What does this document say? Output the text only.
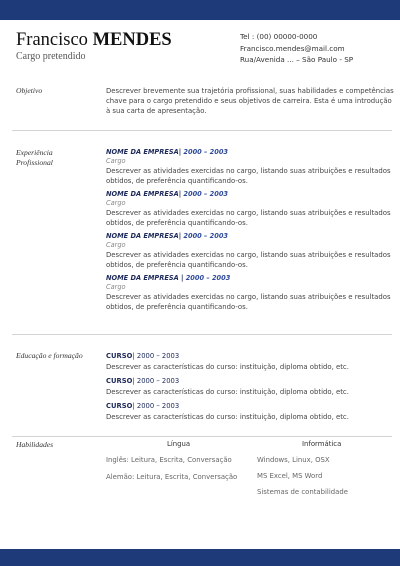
Francisco MENDES
Cargo pretendido
Tel : (00) 00000-0000
Francisco.mendes@mail.com
Rua/Avenida ... – São Paulo - SP
Objetivo	Descrever brevemente sua trajetória profissional, suas habilidades e competências chave para o cargo pretendido e seus objetivos de carreira. Esta é uma introdução à sua carta de apresentação.
Experiência
Profissional
NOME DA EMPRESA| 2000 – 2003
Cargo
Descrever as atividades exercidas no cargo, listando suas atribuições e resultados obtidos, de preferência quantificando-os.
NOME DA EMPRESA| 2000 – 2003
Cargo
Descrever as atividades exercidas no cargo, listando suas atribuições e resultados obtidos, de preferência quantificando-os.
NOME DA EMPRESA| 2000 – 2003
Cargo
Descrever as atividades exercidas no cargo, listando suas atribuições e resultados obtidos, de preferência quantificando-os.
NOME DA EMPRESA | 2000 – 2003
Cargo
Descrever as atividades exercidas no cargo, listando suas atribuições e resultados obtidos, de preferência quantificando-os.
Educação e formação	CURSO| 2000 – 2003
Descrever as características do curso: instituição, diploma obtido, etc.
CURSO| 2000 – 2003
Descrever as características do curso: instituição, diploma obtido, etc.
CURSO| 2000 – 2003
Descrever as características do curso: instituição, diploma obtido, etc.
Habilidades	Língua
Inglês: Leitura, Escrita, Conversação
Alemão: Leitura, Escrita, Conversação
Informática
Windows, Linux, OSX
MS Excel, MS Word
Sistemas de contabilidade
